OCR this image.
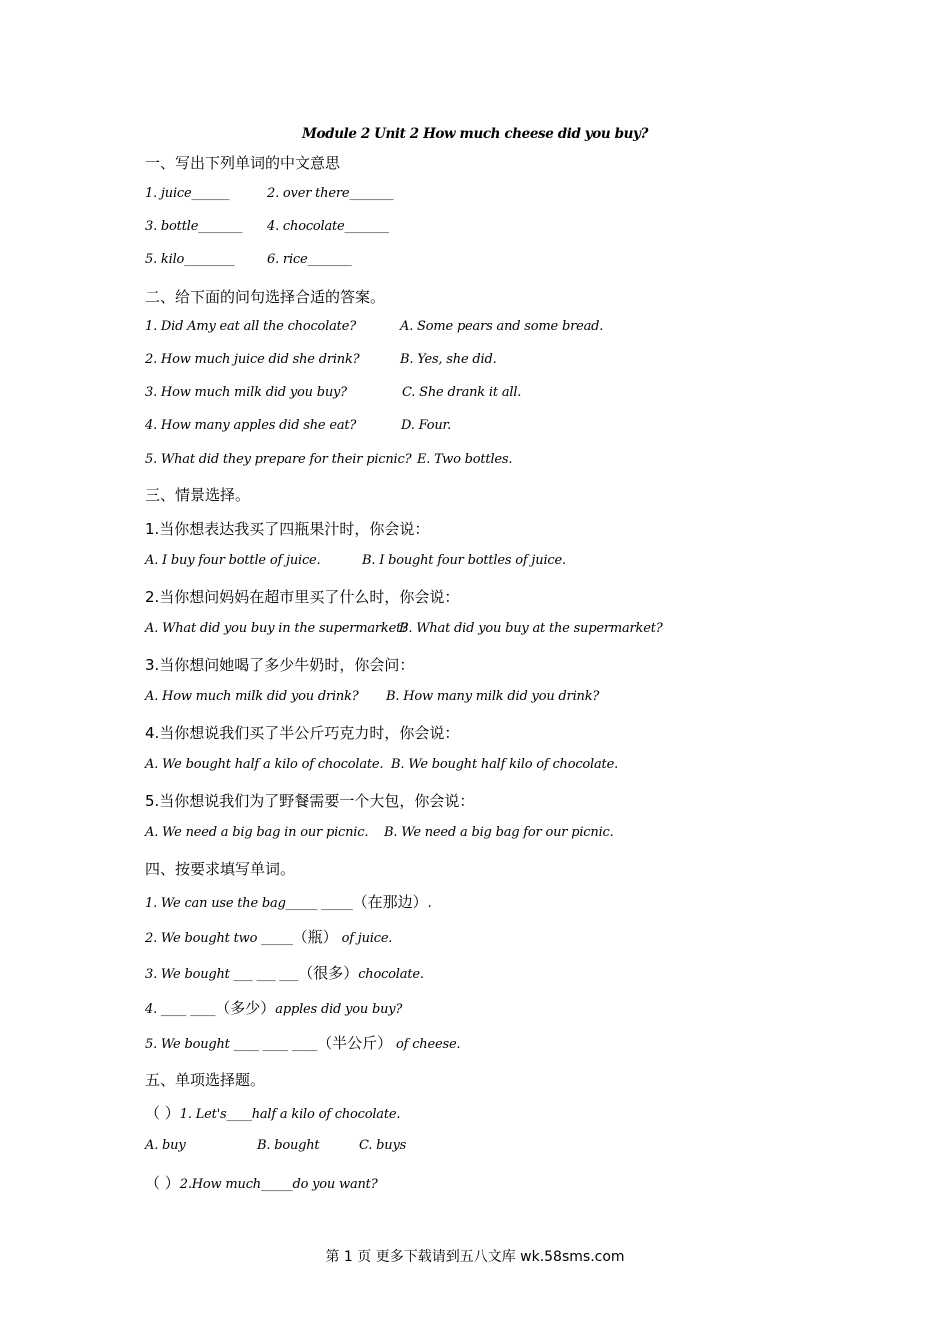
Module 2 Unit 2 How much cheese did you buy?
一、写出下列单词的中文意思
1. juice______	2. over there_______
3. bottle_______ 4. chocolate_______
5. kilo________ 6. rice_______
二、给下面的问句选择合适的答案。
1. Did Amy eat all the chocolate?	A. Some pears and some bread.
2. How much juice did she drink?	B. Yes, she did.
3. How much milk did you buy?	C. She drank it all.
4. How many apples did she eat?	D. Four.
5. What did they prepare for their picnic? E. Two bottles.
三、情景选择。
1.当你想表达我买了四瓶果汁时，你会说：
A. I buy four bottle of juice.	B. I bought four bottles of juice.
2.当你想问妈妈在超市里买了什么时，你会说：
A. What did you buy in the supermarket?
B. What did you buy at the supermarket?
3.当你想问她喝了多少牛奶时，你会问：
A. How much milk did you drink? B. How many milk did you drink?
4.当你想说我们买了半公斤巧克力时，你会说：
A. We bought half a kilo of chocolate. B. We bought half kilo of chocolate.
5.当你想说我们为了野餐需要一个大包，你会说：
A. We need a big bag in our picnic. B. We need a big bag for our picnic.
四、按要求填写单词。
1. We can use the bag_____ _____（在那边）.
2. We bought two _____（瓶） of juice.
3. We bought ___ ___ ___（很多）chocolate.
4. ____ ____（多少）apples did you buy?
5. We bought ____ ____ ____（半公斤） of cheese.
五、单项选择题。
（ ）1. Let's____half a kilo of chocolate.
A. buy	B. bought	C. buys
（ ）2.How much_____do you want?
第 1 页 更多下载请到五八文库 wk.58sms.com
